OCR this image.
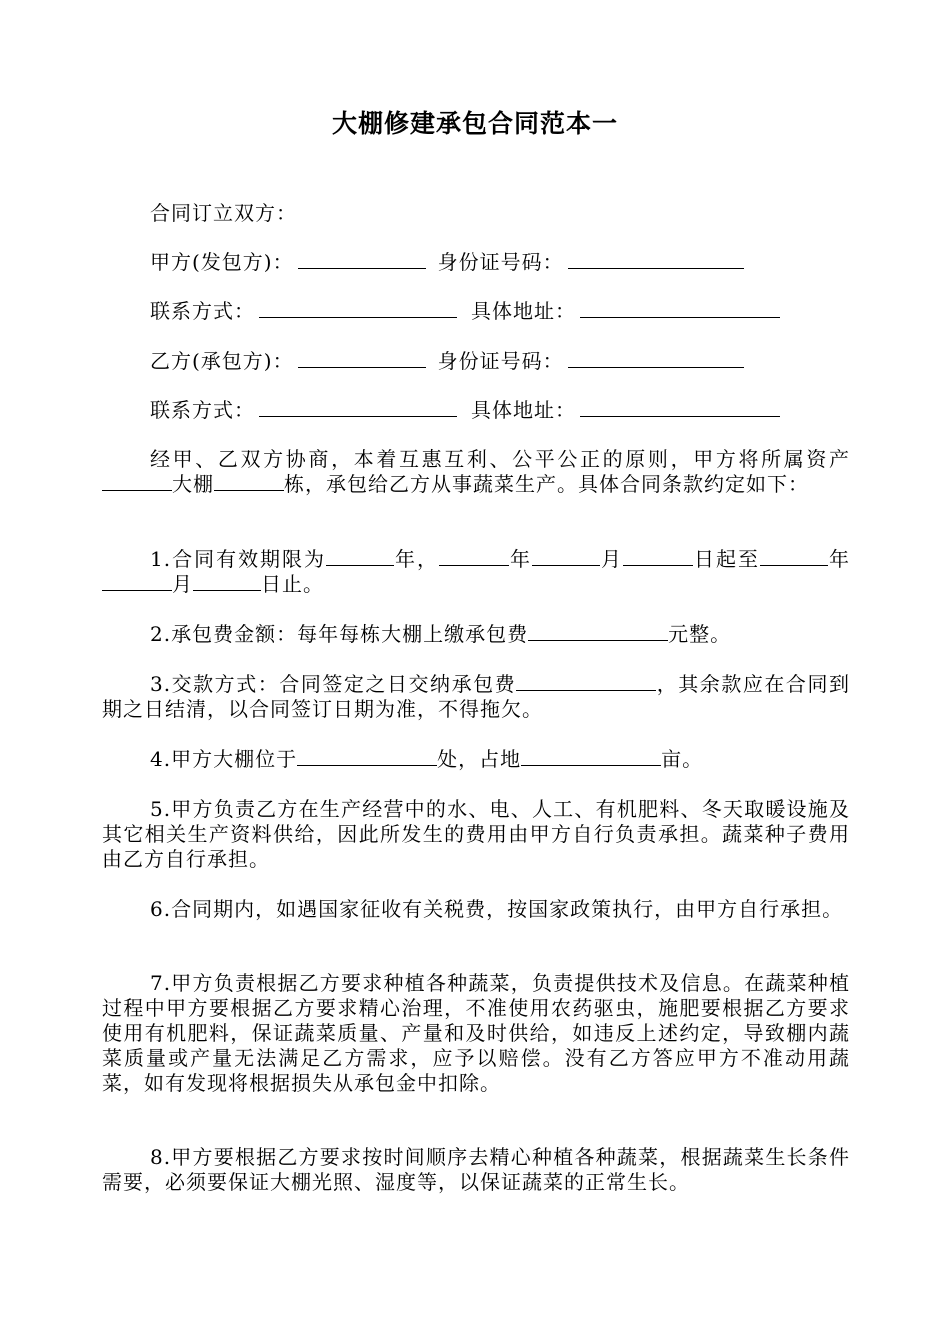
大棚修建承包合同范本一
合同订立双方：
甲方(发包方)：	身份证号码：
联系方式：	具体地址：
乙方(承包方)：	身份证号码：
联系方式：	具体地址：
经甲、乙双方协商，本着互惠互利、公平公正的原则，甲方将所属资产大棚	栋，承包给乙方从事蔬菜生产。具体合同条款约定如下：
1.合同有效期限为	年，	年	月	日起至	年月	日止。
2.承包费金额：每年每栋大棚上缴承包费	元整。
3.交款方式：合同签定之日交纳承包费	，其余款应在合同到期之日结清，以合同签订日期为准，不得拖欠。
4.甲方大棚位于	处，占地	亩。
5.甲方负责乙方在生产经营中的水、电、人工、有机肥料、冬天取暖设施及其它相关生产资料供给，因此所发生的费用由甲方自行负责承担。蔬菜种子费用由乙方自行承担。
6.合同期内，如遇国家征收有关税费，按国家政策执行，由甲方自行承担。
7.甲方负责根据乙方要求种植各种蔬菜，负责提供技术及信息。在蔬菜种植过程中甲方要根据乙方要求精心治理，不准使用农药驱虫，施肥要根据乙方要求使用有机肥料，保证蔬菜质量、产量和及时供给，如违反上述约定，导致棚内蔬菜质量或产量无法满足乙方需求，应予以赔偿。没有乙方答应甲方不准动用蔬菜，如有发现将根据损失从承包金中扣除。
8.甲方要根据乙方要求按时间顺序去精心种植各种蔬菜，根据蔬菜生长条件需要，必须要保证大棚光照、湿度等，以保证蔬菜的正常生长。
